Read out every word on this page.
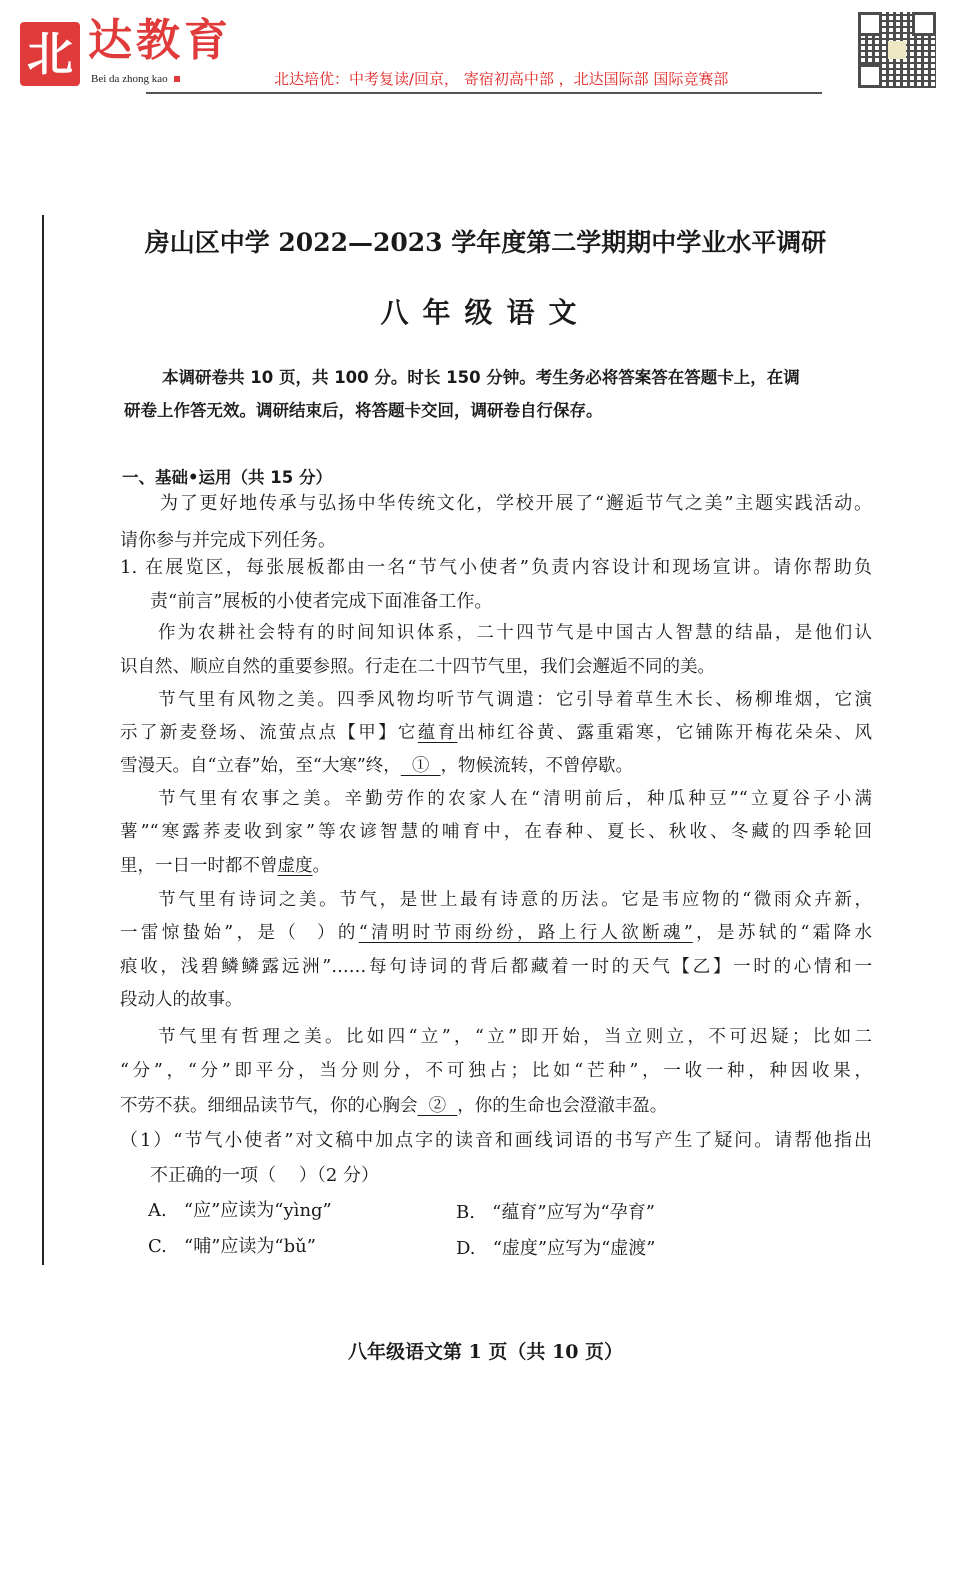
北 达教育
Bei da zhong kao	北达培优：中考复读/回京， 寄宿初高中部 ，北达国际部 国际竞赛部
房山区中学 2022—2023 学年度第二学期期中学业水平调研
八年级语文
本调研卷共 10 页，共 100 分。时长 150 分钟。考生务必将答案答在答题卡上，在调
研卷上作答无效。调研结束后，将答题卡交回，调研卷自行保存。
一、基础•运用（共 15 分）
为了更好地传承与弘扬中华传统文化，学校开展了“邂逅节气之美”主题实践活动。
请你参与并完成下列任务。
1. 在展览区，每张展板都由一名“节气小使者”负责内容设计和现场宣讲。请你帮助负
责“前言”展板的小使者完成下面准备工作。
作为农耕社会特有的时间知识体系，二十四节气是中国古人智慧的结晶，是他们认
识自然、顺应自然的重要参照。行走在二十四节气里，我们会邂逅不同的美。
节气里有风物之美。四季风物均听节气调遣：它引导着草生木长、杨柳堆烟，它演
示了新麦登场、流萤点点【甲】它蕴育出柿红谷黄、露重霜寒，它铺陈开梅花朵朵、风
雪漫天。自“立春”始，至“大寒”终，  ①  ，物候流转，不曾停歇。
节气里有农事之美。辛勤劳作的农家人在“清明前后，种瓜种豆”“立夏谷子小满
薯”“寒露荞麦收到家”等农谚智慧的哺育中，在春种、夏长、秋收、冬藏的四季轮回
里，一日一时都不曾虚度。
节气里有诗词之美。节气，是世上最有诗意的历法。它是韦应物的“微雨众卉新，
一雷惊蛰始”，是（  ）的“清明时节雨纷纷，路上行人欲断魂”，是苏轼的“霜降水
痕收，浅碧鳞鳞露远洲”……每句诗词的背后都藏着一时的天气【乙】一时的心情和一
段动人的故事。
节气里有哲理之美。比如四“立”，“立”即开始，当立则立，不可迟疑；比如二
“分”，“分”即平分，当分则分，不可独占；比如“芒种”，一收一种，种因收果，
不劳不获。细细品读节气，你的心胸会  ②  ，你的生命也会澄澈丰盈。
（1）“节气小使者”对文稿中加点字的读音和画线词语的书写产生了疑问。请帮他指出
不正确的一项（    ）（2 分）
A. “应”应读为“yìng”	B. “蕴育”应写为“孕育”
C. “哺”应读为“bǔ”	D. “虚度”应写为“虚渡”
八年级语文第 1 页（共 10 页）
